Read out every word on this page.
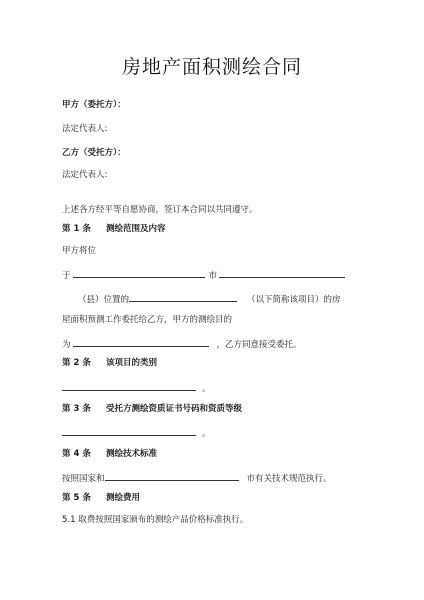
房地产面积测绘合同
甲方（委托方）：
法定代表人:
乙方（受托方）：
法定代表人:
上述各方经平等自愿协商，签订本合同以共同遵守。
第 1 条 测绘范围及内容
甲方将位
于	市
（县）位置的	（以下简称该项目）的房
屋面积预测工作委托给乙方，甲方的测绘目的
为	，乙方同意接受委托。
第 2 条 该项目的类别
。
第 3 条 受托方测绘资质证书号码和资质等级
。
第 4 条 测绘技术标准
按照国家和	市有关技术规范执行。
第 5 条 测绘费用
5.1 取费按照国家颁布的测绘产品价格标准执行。
